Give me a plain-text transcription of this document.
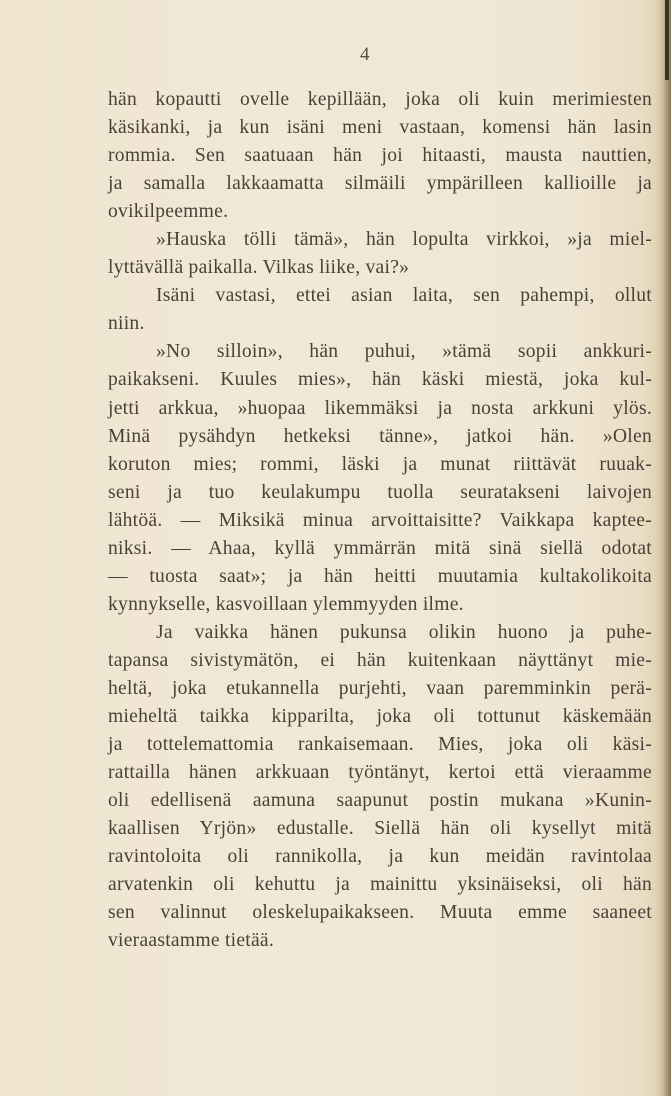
4
hän kopautti ovelle kepillään, joka oli kuin merimiesten
käsikanki, ja kun isäni meni vastaan, komensi hän lasin
rommia. Sen saatuaan hän joi hitaasti, mausta nauttien,
ja samalla lakkaamatta silmäili ympärilleen kallioille ja
ovikilpeemme.
»Hauska tölli tämä», hän lopulta virkkoi, »ja miel-
lyttävällä paikalla. Vilkas liike, vai?»
Isäni vastasi, ettei asian laita, sen pahempi, ollut
niin.
»No silloin», hän puhui, »tämä sopii ankkuri-
paikakseni. Kuules mies», hän käski miestä, joka kul-
jetti arkkua, »huopaa likemmäksi ja nosta arkkuni ylös.
Minä pysähdyn hetkeksi tänne», jatkoi hän. »Olen
koruton mies; rommi, läski ja munat riittävät ruuak-
seni ja tuo keulakumpu tuolla seuratakseni laivojen
lähtöä. — Miksikä minua arvoittaisitte? Vaikkapa kaptee-
niksi. — Ahaa, kyllä ymmärrän mitä sinä siellä odotat
— tuosta saat»; ja hän heitti muutamia kultakolikoita
kynnykselle, kasvoillaan ylemmyyden ilme.
Ja vaikka hänen pukunsa olikin huono ja puhe-
tapansa sivistymätön, ei hän kuitenkaan näyttänyt mie-
heltä, joka etukannella purjehti, vaan paremminkin perä-
mieheltä taikka kipparilta, joka oli tottunut käskemään
ja tottelemattomia rankaisemaan. Mies, joka oli käsi-
rattailla hänen arkkuaan työntänyt, kertoi että vieraamme
oli edellisenä aamuna saapunut postin mukana »Kunin-
kaallisen Yrjön» edustalle. Siellä hän oli kysellyt mitä
ravintoloita oli rannikolla, ja kun meidän ravintolaa
arvatenkin oli kehuttu ja mainittu yksinäiseksi, oli hän
sen valinnut oleskelupaikakseen. Muuta emme saaneet
vieraastamme tietää.
